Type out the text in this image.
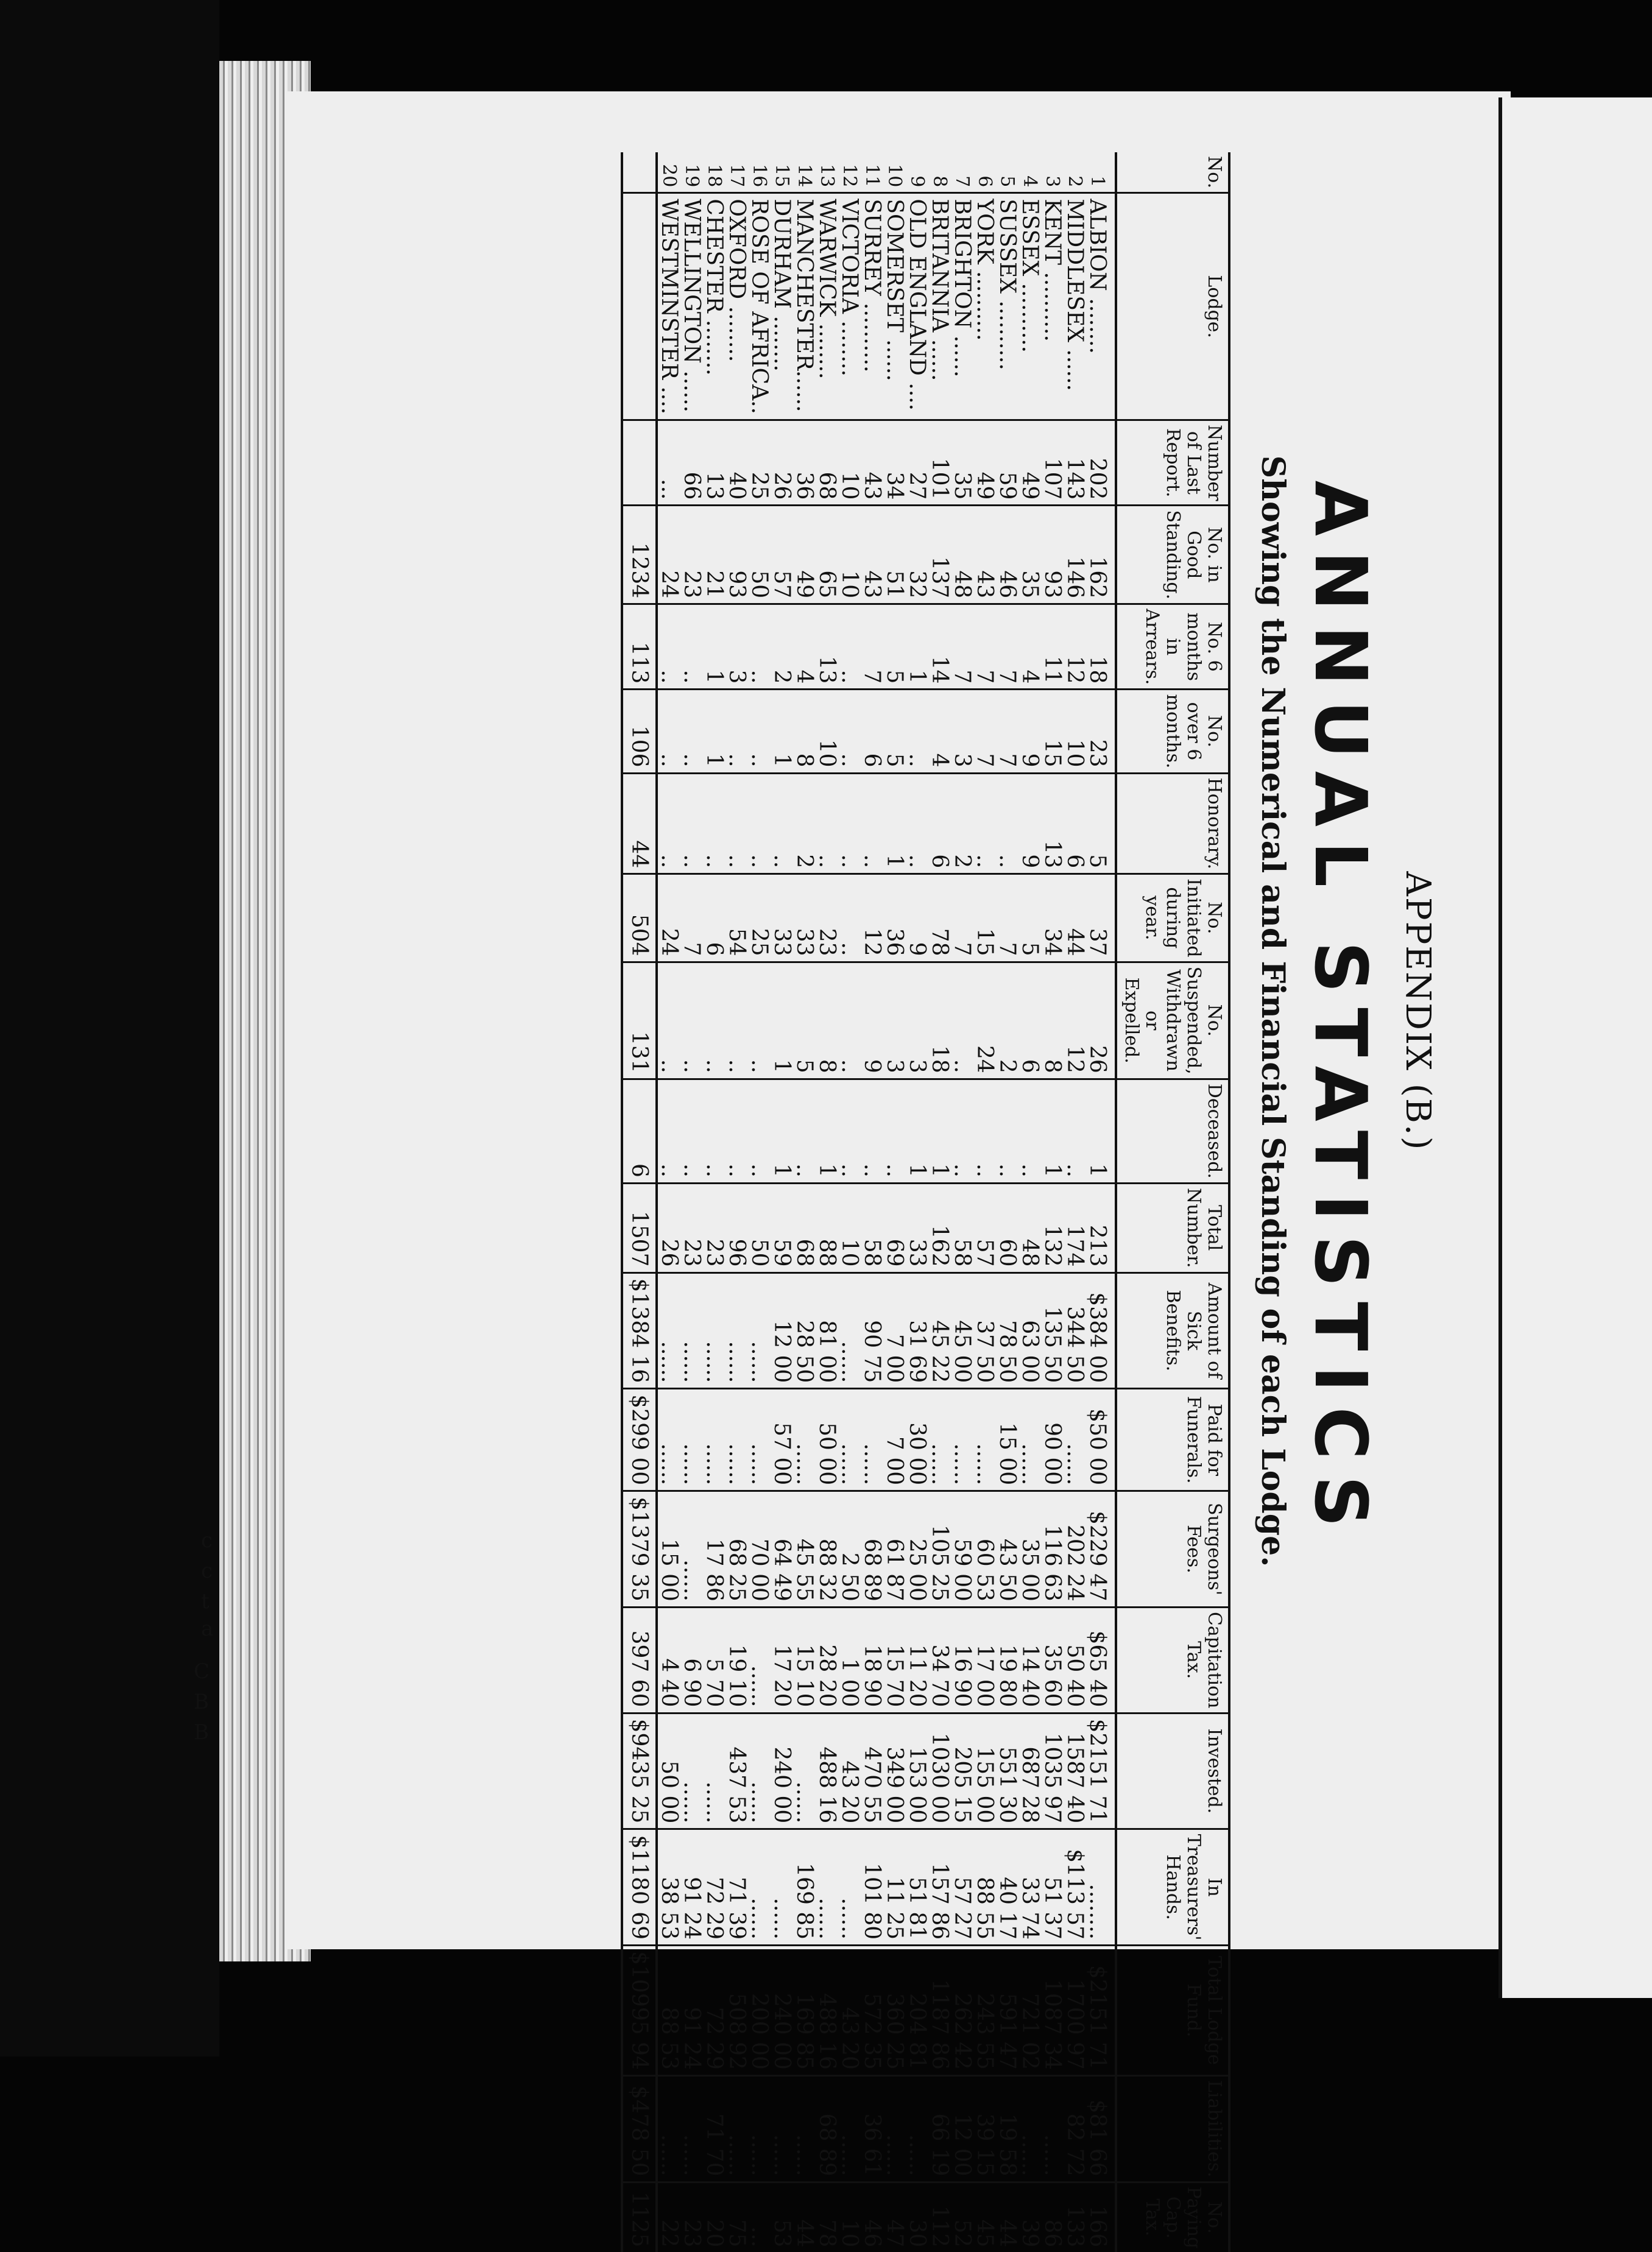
c
c
t
a
C
B
B
APPENDIX (B.)
ANNUAL STATISTICS
Showing the Numerical and Financial Standing of each Lodge.
No.	Lodge.	Number of Last Report.	No. in Good Standing.	No. 6 months in Arrears.	No. over 6 months.	Honorary.	No. Initiated during year.	No. Suspended, Withdrawn or Expelled.	Deceased.	Total Number.	Amount of Sick Benefits.	Paid for Funerals.	Surgeons' Fees.	Capitation Tax.	Invested.	In Treasurers' Hands.	Total Lodge Fund.	Liabilities.	No. Paying Cap. Tax.
1	ALBION ........	202	162	18	23	5	37	26	1	213	$384 00	$50 00	$229 47	$65 40	$2151 71	........	$2151 71	$81 66	166
2	MIDDLESEX ......	143	146	12	10	6	44	12	..	174	344 50	......	202 24	50 40	1587 40	$113 57	1700 97	82 72	133
3	KENT ..........	107	93	11	15	13	34	8	1	132	135 50	90 00	116 63	35 60	1035 97	51 37	1087 34	......	86
4	ESSEX ..........	49	35	4	9	9	5	6	..	48	63 00	......	35 00	14 40	687 28	33 74	721 02	......	39
5	SUSSEX ..........	59	46	7	7	..	7	2	..	60	78 50	15 00	43 50	19 80	551 30	40 17	591 47	19 58	44
6	YORK ..........	49	43	7	7	..	15	24	..	57	37 50	......	60 53	17 00	155 00	88 55	243 55	39 15	45
7	BRIGHTON ......	35	48	7	3	2	7	..	..	58	45 00	......	59 00	16 90	205 15	57 27	262 42	12 00	52
8	BRITANNIA ......	101	137	14	4	6	78	18	1	162	45 22	......	105 25	34 70	1030 00	157 86	1187 86	66 19	112
9	OLD ENGLAND ....	27	32	1	..	..	9	3	1	33	31 69	30 00	25 00	11 20	153 00	51 81	204 81	......	30
10	SOMERSET ......	34	51	5	5	1	36	3	..	69	7 00	7 00	61 87	15 70	349 00	11 25	360 25	......	47
11	SURREY ..........	43	43	7	6	..	12	9	..	58	90 75	......	68 89	18 90	470 55	101 80	572 35	36 61	46
12	VICTORIA ........	10	10	..	..	..	..	..	..	10	......	......	2 50	1 00	43 20	......	43 20	......	10
13	WARWICK ........	68	65	13	10	..	23	8	1	88	81 00	50 00	88 32	28 20	488 16	......	488 16	68 89	78
14	MANCHESTER......	36	49	4	8	2	33	5	..	68	28 50	......	45 55	15 10	......	169 85	169 85	......	44
15	DURHAM ........	26	57	2	1	..	33	1	1	59	12 00	57 00	64 49	17 20	240 00	......	240 00	......	53
16	ROSE OF AFRICA..	25	50	..	..	..	25	..	..	50	......	......	70 00	......	......	......	200 00	......	...
17	OXFORD ........	40	93	3	..	..	54	..	..	96	......	......	68 25	19 10	437 53	71 39	508 92	......	75
18	CHESTER ........	13	21	1	1	..	6	..	..	23	......	......	17 86	5 70	......	72 29	72 29	71 70	20
19	WELLINGTON ......	66	23	..	..	..	7	..	..	23	......	......	......	6 90	......	91 24	91 24	......	23
20	WESTMINSTER ....	...	24	..	..	..	24	..	..	26	......	......	15 00	4 40	50 00	38 53	88 53	......	22
			1234	113	106	44	504	131	6	1507	$1384 16	$299 00	$1379 35	397 60	$9435 25	$1180 69	$10995 94	$478 50	1125
